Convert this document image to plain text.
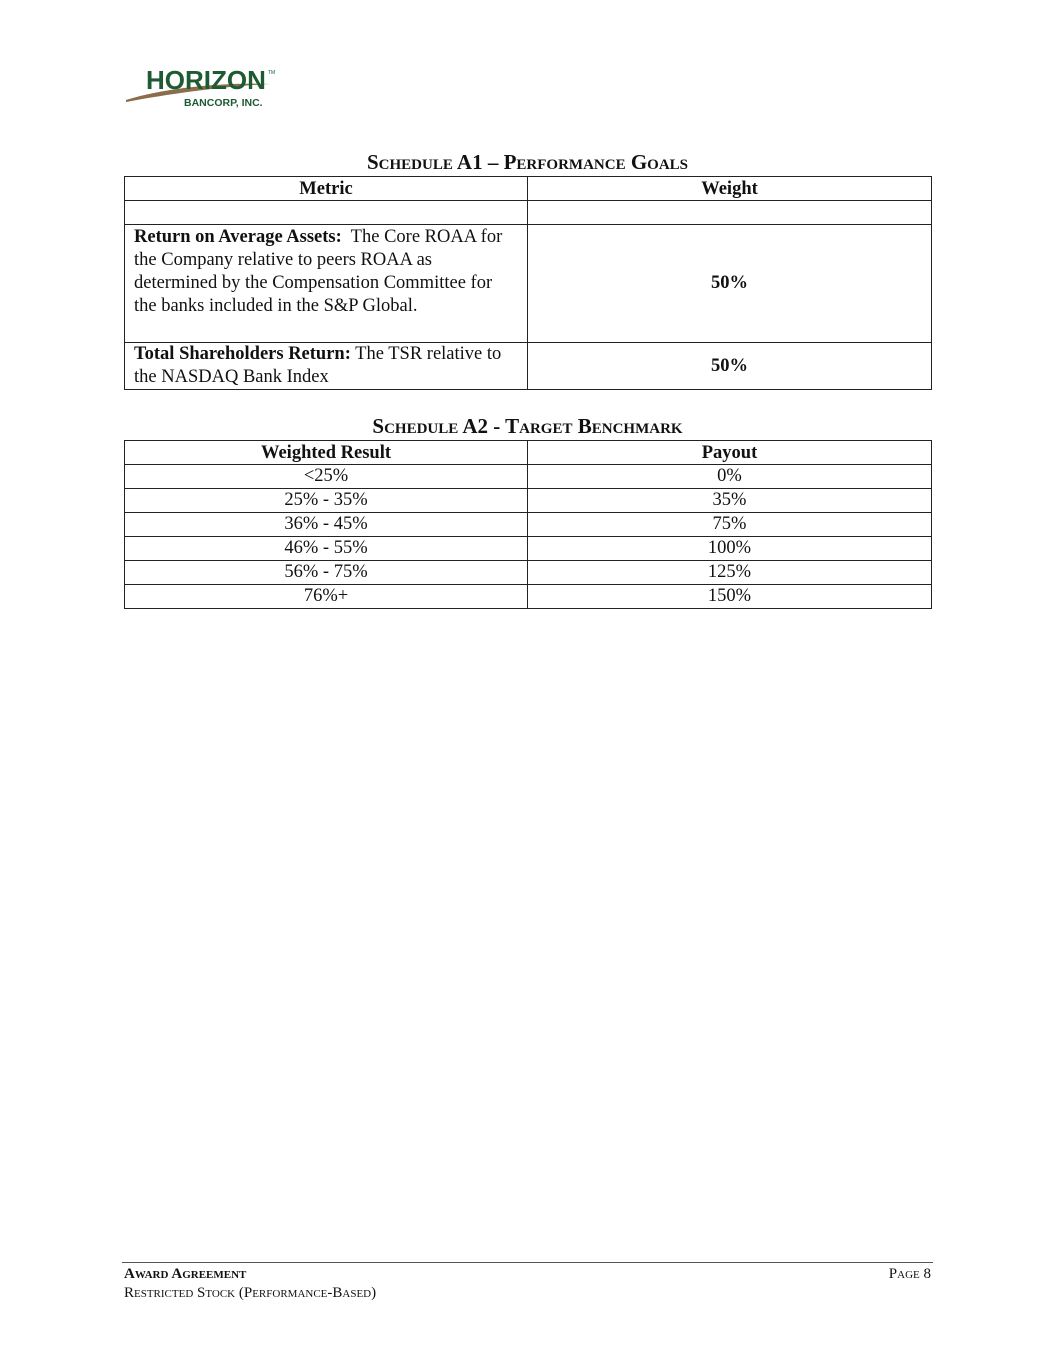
HORIZON TM
BANCORP, INC.
Schedule A1 – Performance Goals
Metric	Weight

Return on Average Assets:  The Core ROAA for the Company relative to peers ROAA as determined by the Compensation Committee for the banks included in the S&P Global.	50%
Total Shareholders Return: The TSR relative to the NASDAQ Bank Index	50%
Schedule A2 - Target Benchmark
Weighted Result	Payout
<25%	0%
25% - 35%	35%
36% - 45%	75%
46% - 55%	100%
56% - 75%	125%
76%+	150%
Award Agreement
Restricted Stock (Performance-Based)
Page 8
